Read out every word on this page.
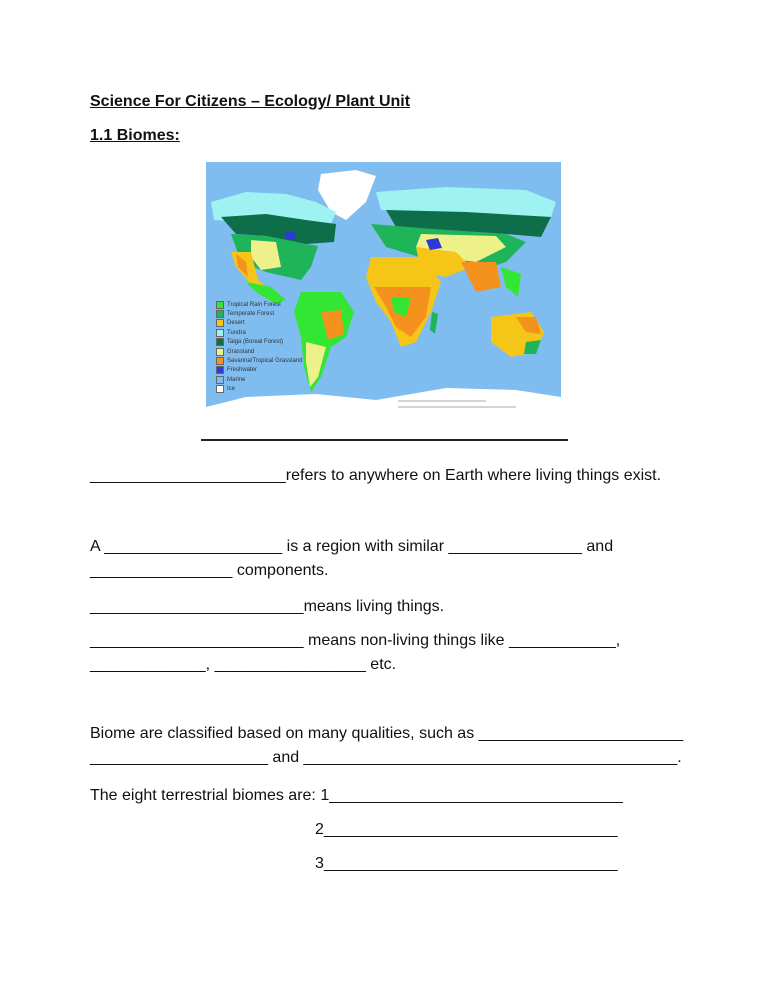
Science For Citizens – Ecology/ Plant Unit
1.1 Biomes:
Tropical Rain Forest
Temperate Forest
Desert
Tundra
Taiga (Boreal Forest)
Grassland
Savanna/Tropical Grassland
Freshwater
Marine
Ice
______________________refers to anywhere on Earth where living things exist.
A ____________________ is a region with similar _______________ and
________________ components.
________________________means living things.
________________________ means non-living things like ____________,
_____________, _________________ etc.
Biome are classified based on many qualities, such as _______________________
____________________ and __________________________________________.
The eight terrestrial biomes are: 1_________________________________
2_________________________________
3_________________________________
